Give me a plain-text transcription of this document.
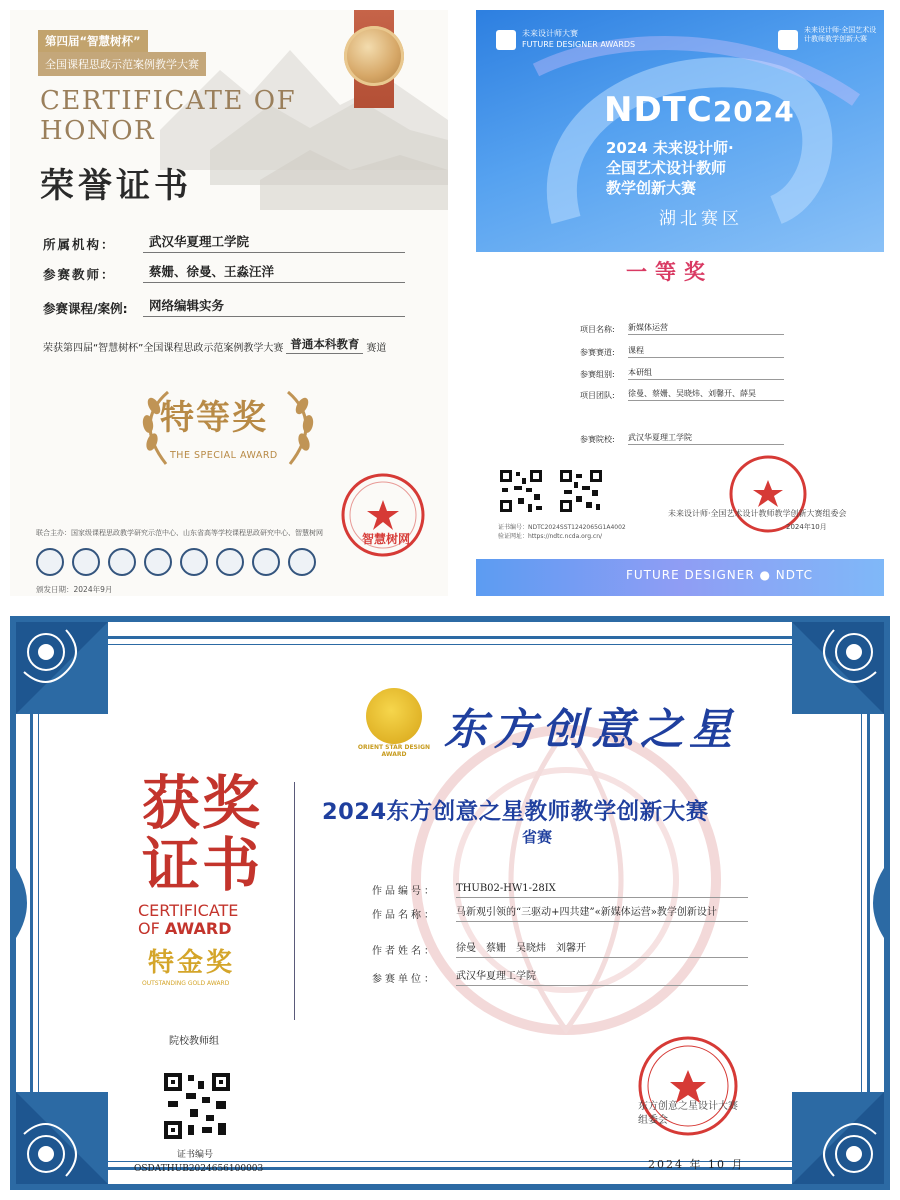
第四届“智慧树杯”
全国课程思政示范案例教学大赛
CERTIFICATE OF HONOR
荣誉证书
所属机构：	武汉华夏理工学院
参赛教师：	蔡姗、徐曼、王淼汪洋
参赛课程/案例:	网络编辑实务
荣获第四届“智慧树杯”全国课程思政示范案例教学大赛 普通本科教育 赛道
特等奖
THE SPECIAL AWARD
智慧树网
联合主办：国家级课程思政教学研究示范中心、山东省高等学校课程思政研究中心、智慧树网
颁发日期：2024年9月
未来设计师大赛
FUTURE DESIGNER AWARDS
未来设计师·全国艺术设计教师教学创新大赛
NDTC2024
2024 未来设计师·
全国艺术设计教师
教学创新大赛
湖北赛区
一等奖
项目名称:	新媒体运营
参赛赛道:	课程
参赛组别:	本研组
项目团队:	徐曼、蔡姗、吴晓炜、刘馨开、薛昊
参赛院校:	武汉华夏理工学院
证书编号：NDTC2024SST1242065G1A4002
验证网址：https://ndtc.ncda.org.cn/
未来设计师·全国艺术设计教师教学创新大赛组委会
2024年10月
FUTURE DESIGNER ● NDTC
ORIENT STAR DESIGN AWARD 东方创意之星
获奖
证书
CERTIFICATE
OF AWARD
特金奖
OUTSTANDING GOLD AWARD
院校教师组
证书编号
OSDATHUB2024656100003
2024东方创意之星教师教学创新大赛
省赛
作品编号：	THUB02-HW1-28IX
作品名称：	马新观引领的“三驱动+四共建”«新媒体运营»教学创新设计
作者姓名：	徐曼　蔡姗　吴晓炜　刘馨开
参赛单位：	武汉华夏理工学院
东方创意之星设计大赛组委会
2024 年 10 月
